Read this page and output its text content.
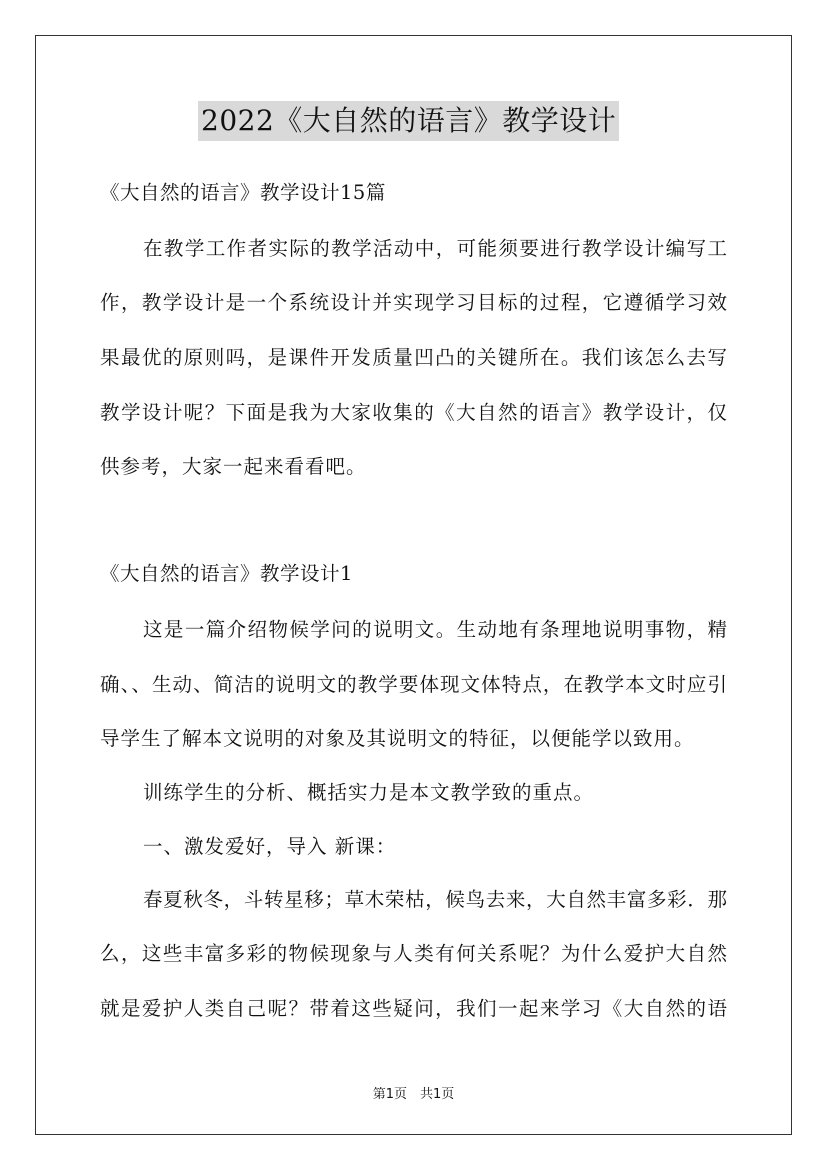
2022《大自然的语言》教学设计
《大自然的语言》教学设计15篇
在教学工作者实际的教学活动中，可能须要进行教学设计编写工
作，教学设计是一个系统设计并实现学习目标的过程，它遵循学习效
果最优的原则吗，是课件开发质量凹凸的关键所在。我们该怎么去写
教学设计呢？下面是我为大家收集的《大自然的语言》教学设计，仅
供参考，大家一起来看看吧。
《大自然的语言》教学设计1
这是一篇介绍物候学问的说明文。生动地有条理地说明事物，精
确、、生动、简洁的说明文的教学要体现文体特点，在教学本文时应引
导学生了解本文说明的对象及其说明文的特征，以便能学以致用。
训练学生的分析、概括实力是本文教学致的重点。
一、激发爱好，导入 新课：
春夏秋冬，斗转星移；草木荣枯，候鸟去来，大自然丰富多彩．那
么，这些丰富多彩的物候现象与人类有何关系呢？为什么爱护大自然
就是爱护人类自己呢？带着这些疑问，我们一起来学习《大自然的语
第1页　共1页
